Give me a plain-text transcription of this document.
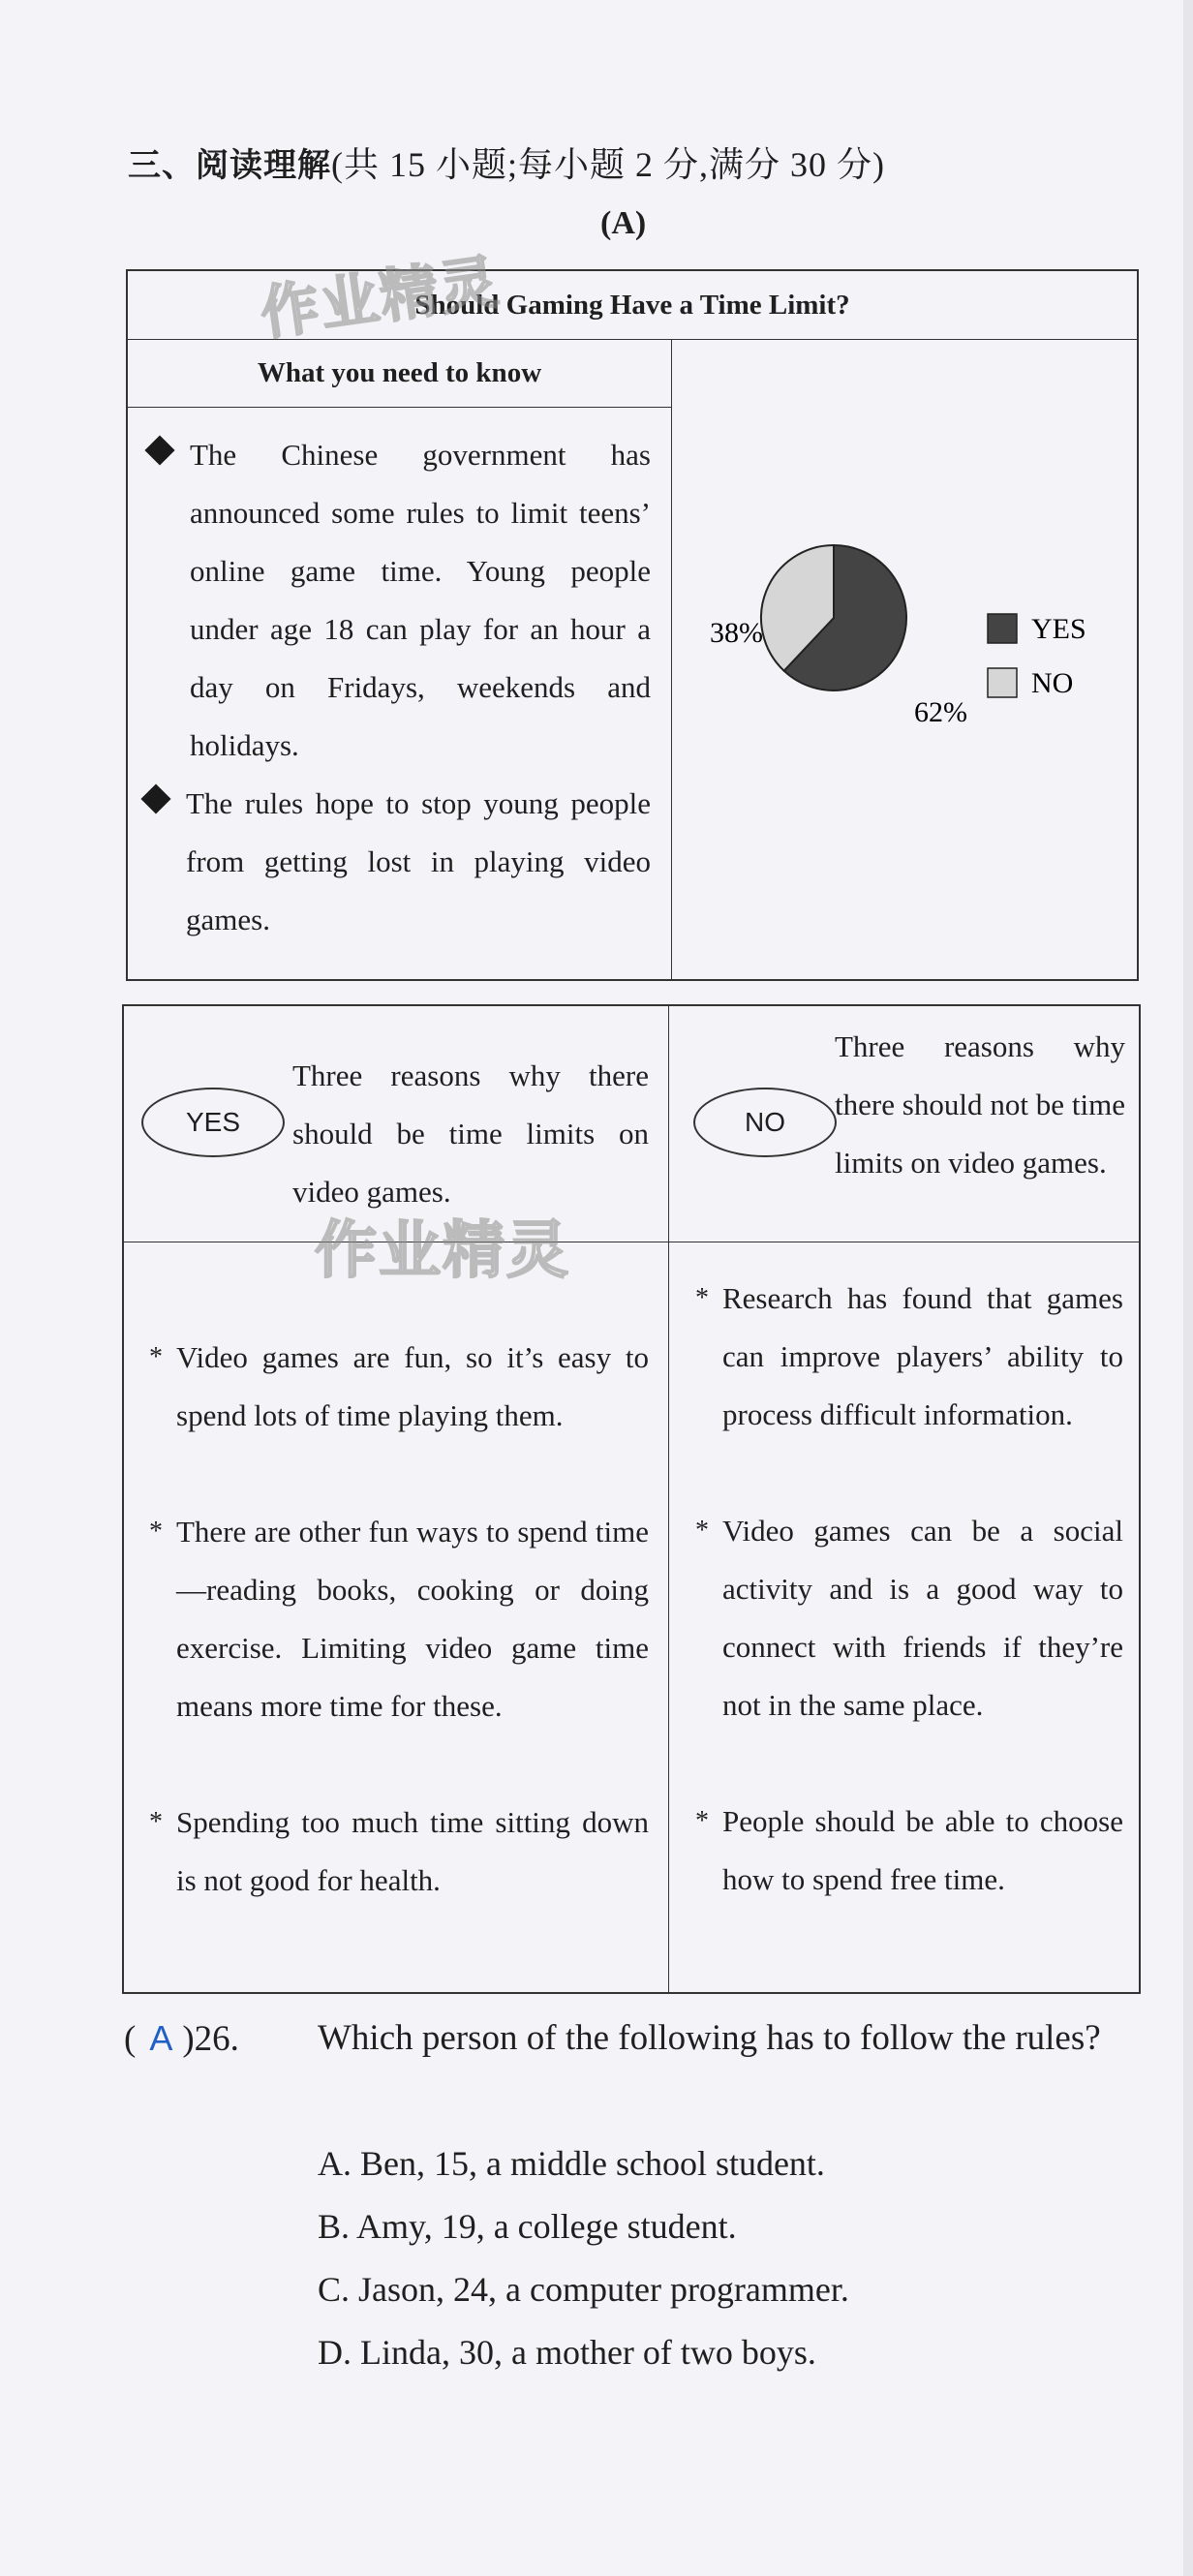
三、阅读理解(共 15 小题;每小题 2 分,满分 30 分)
(A)
Should Gaming Have a Time Limit?
What you need to know
The Chinese government has announced some rules to limit teens’ online game time. Young people under age 18 can play for an hour a day on Fridays, weekends and holidays.
The rules hope to stop young people from getting lost in playing video games.
38%
62%
YES
NO
YES
Three reasons why there should be time limits on video games.
NO
Three reasons why there should not be time limits on video games.
* Video games are fun, so it’s easy to spend lots of time playing them.
* There are other fun ways to spend time—reading books, cooking or doing exercise. Limiting video game time means more time for these.
* Spending too much time sitting down is not good for health.
* Research has found that games can improve players’ ability to process difficult information.
* Video games can be a social activity and is a good way to connect with friends if they’re not in the same place.
* People should be able to choose how to spend free time.
( A )26. Which person of the following has to follow the rules?
A. Ben, 15, a middle school student.
B. Amy, 19, a college student.
C. Jason, 24, a computer programmer.
D. Linda, 30, a mother of two boys.
作业精灵
作业精灵
